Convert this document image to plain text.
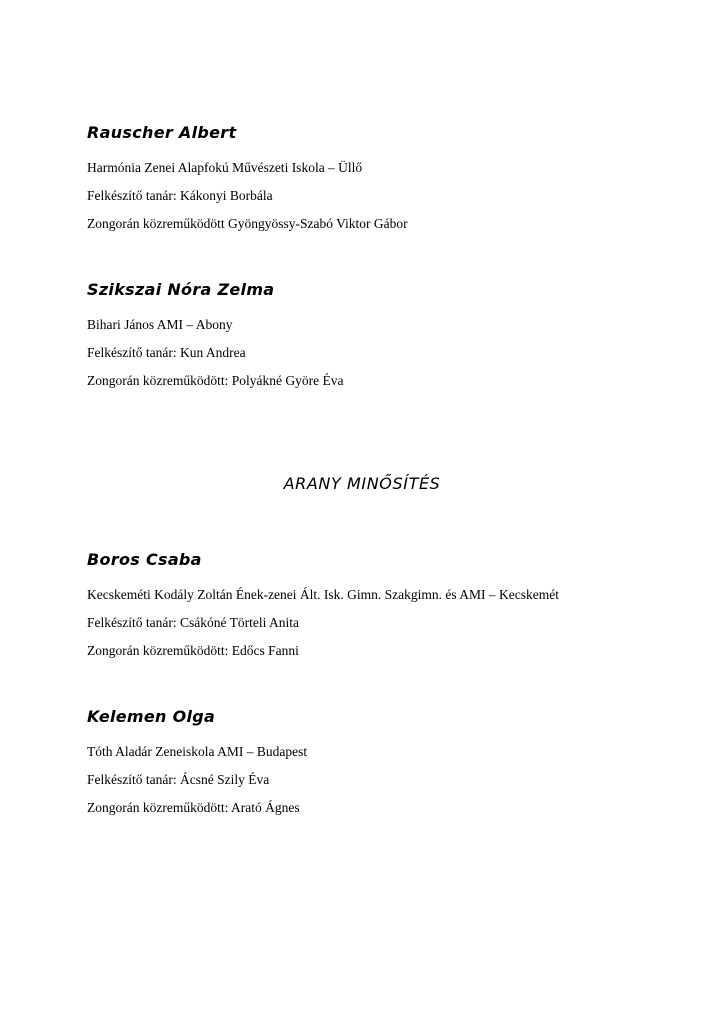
Rauscher Albert
Harmónia Zenei Alapfokú Művészeti Iskola – Üllő
Felkészítő tanár: Kákonyi Borbála
Zongorán közreműködött Gyöngyössy-Szabó Viktor Gábor
Szikszai Nóra Zelma
Bihari János AMI – Abony
Felkészítő tanár: Kun Andrea
Zongorán közreműködött: Polyákné Györe Éva
ARANY MINŐSÍTÉS
Boros Csaba
Kecskeméti Kodály Zoltán Ének-zenei Ált. Isk. Gimn. Szakgimn. és AMI – Kecskemét
Felkészítő tanár: Csákóné Törteli Anita
Zongorán közreműködött: Edőcs Fanni
Kelemen Olga
Tóth Aladár Zeneiskola AMI – Budapest
Felkészítő tanár: Ácsné Szily Éva
Zongorán közreműködött: Arató Ágnes
